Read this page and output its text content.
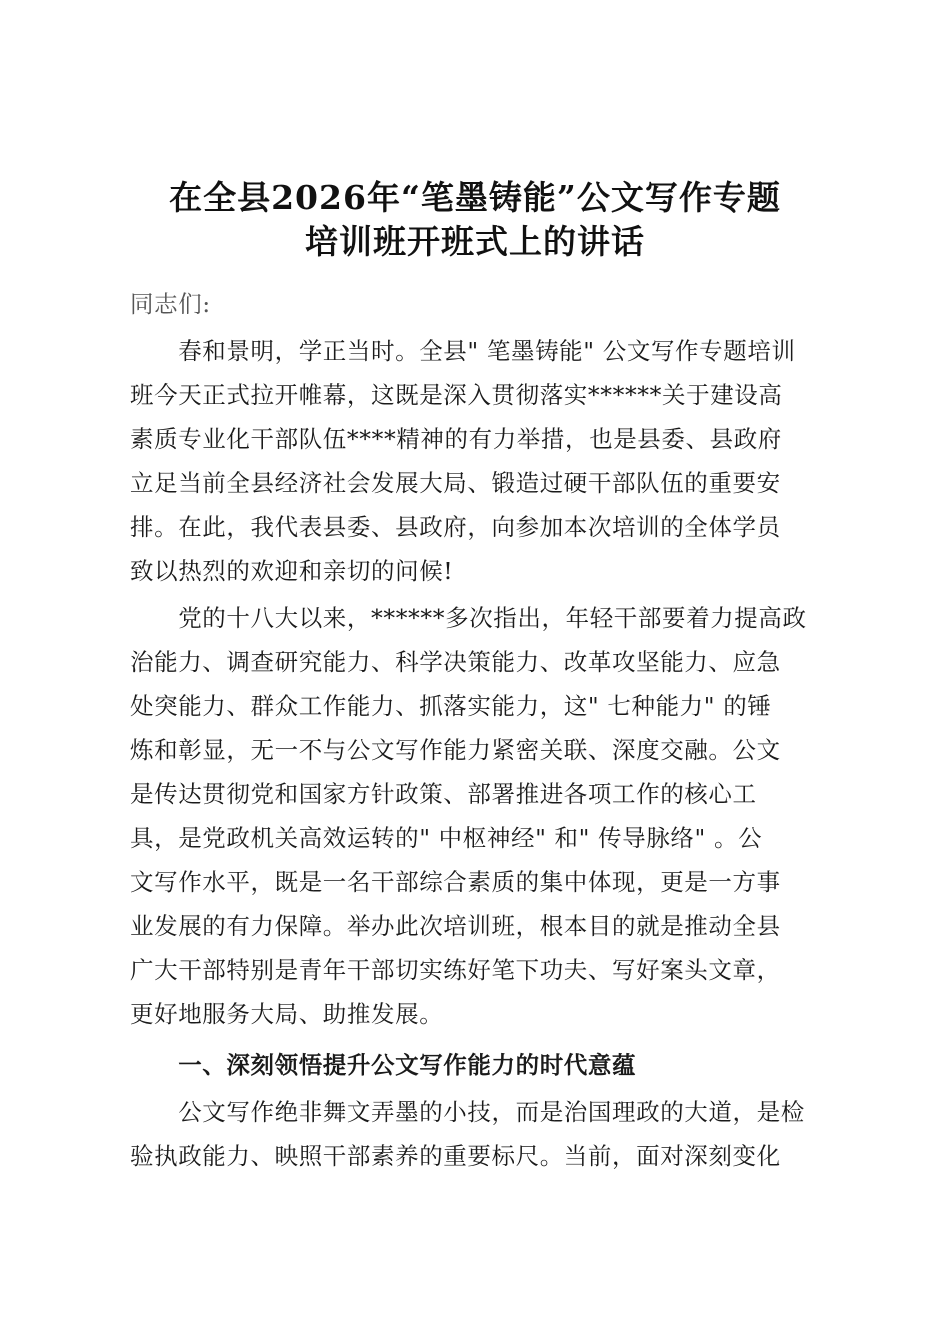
在全县2026年“笔墨铸能”公文写作专题
培训班开班式上的讲话

同志们:

　　春和景明，学正当时。全县" 笔墨铸能" 公文写作专题培训

班今天正式拉开帷幕，这既是深入贯彻落实******关于建设高

素质专业化干部队伍****精神的有力举措，也是县委、县政府

立足当前全县经济社会发展大局、锻造过硬干部队伍的重要安

排。在此，我代表县委、县政府，向参加本次培训的全体学员

致以热烈的欢迎和亲切的问候!

　　党的十八大以来，******多次指出，年轻干部要着力提高政

治能力、调查研究能力、科学决策能力、改革攻坚能力、应急

处突能力、群众工作能力、抓落实能力，这" 七种能力" 的锤

炼和彰显，无一不与公文写作能力紧密关联、深度交融。公文

是传达贯彻党和国家方针政策、部署推进各项工作的核心工

具，是党政机关高效运转的" 中枢神经" 和" 传导脉络" 。公

文写作水平，既是一名干部综合素质的集中体现，更是一方事

业发展的有力保障。举办此次培训班，根本目的就是推动全县

广大干部特别是青年干部切实练好笔下功夫、写好案头文章，

更好地服务大局、助推发展。

　　一、深刻领悟提升公文写作能力的时代意蕴

　　公文写作绝非舞文弄墨的小技，而是治国理政的大道，是检

验执政能力、映照干部素养的重要标尺。当前，面对深刻变化
